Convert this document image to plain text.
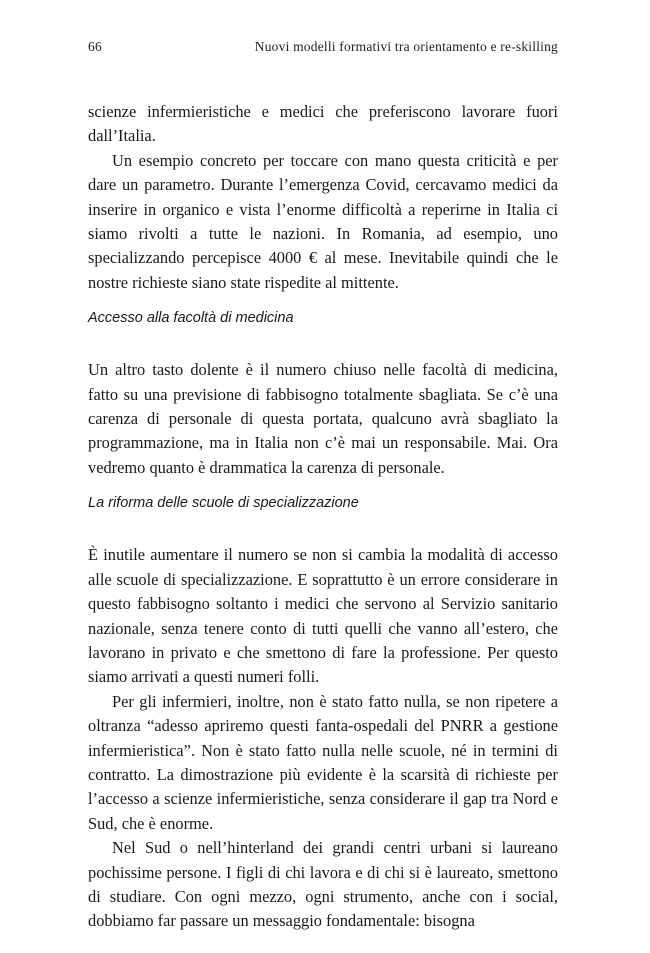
66	Nuovi modelli formativi tra orientamento e re-skilling

scienze infermieristiche e medici che preferiscono lavorare fuori dall’Italia.

Un esempio concreto per toccare con mano questa criticità e per dare un parametro. Durante l’emergenza Covid, cercavamo medici da inserire in organico e vista l’enorme difficoltà a reperirne in Italia ci siamo rivolti a tutte le nazioni. In Romania, ad esempio, uno specializzando percepisce 4000 € al mese. Inevitabile quindi che le nostre richieste siano state rispedite al mittente.

Accesso alla facoltà di medicina

Un altro tasto dolente è il numero chiuso nelle facoltà di medicina, fatto su una previsione di fabbisogno totalmente sbagliata. Se c’è una carenza di personale di questa portata, qualcuno avrà sbagliato la programmazione, ma in Italia non c’è mai un responsabile. Mai. Ora vedremo quanto è drammatica la carenza di personale.

La riforma delle scuole di specializzazione

È inutile aumentare il numero se non si cambia la modalità di accesso alle scuole di specializzazione. E soprattutto è un errore considerare in questo fabbisogno soltanto i medici che servono al Servizio sanitario nazionale, senza tenere conto di tutti quelli che vanno all’estero, che lavorano in privato e che smettono di fare la professione. Per questo siamo arrivati a questi numeri folli.

Per gli infermieri, inoltre, non è stato fatto nulla, se non ripetere a oltranza “adesso apriremo questi fanta-ospedali del PNRR a gestione infermieristica”. Non è stato fatto nulla nelle scuole, né in termini di contratto. La dimostrazione più evidente è la scarsità di richieste per l’accesso a scienze infermieristiche, senza considerare il gap tra Nord e Sud, che è enorme.

Nel Sud o nell’hinterland dei grandi centri urbani si laureano pochissime persone. I figli di chi lavora e di chi si è laureato, smettono di studiare. Con ogni mezzo, ogni strumento, anche con i social, dobbiamo far passare un messaggio fondamentale: bisogna
